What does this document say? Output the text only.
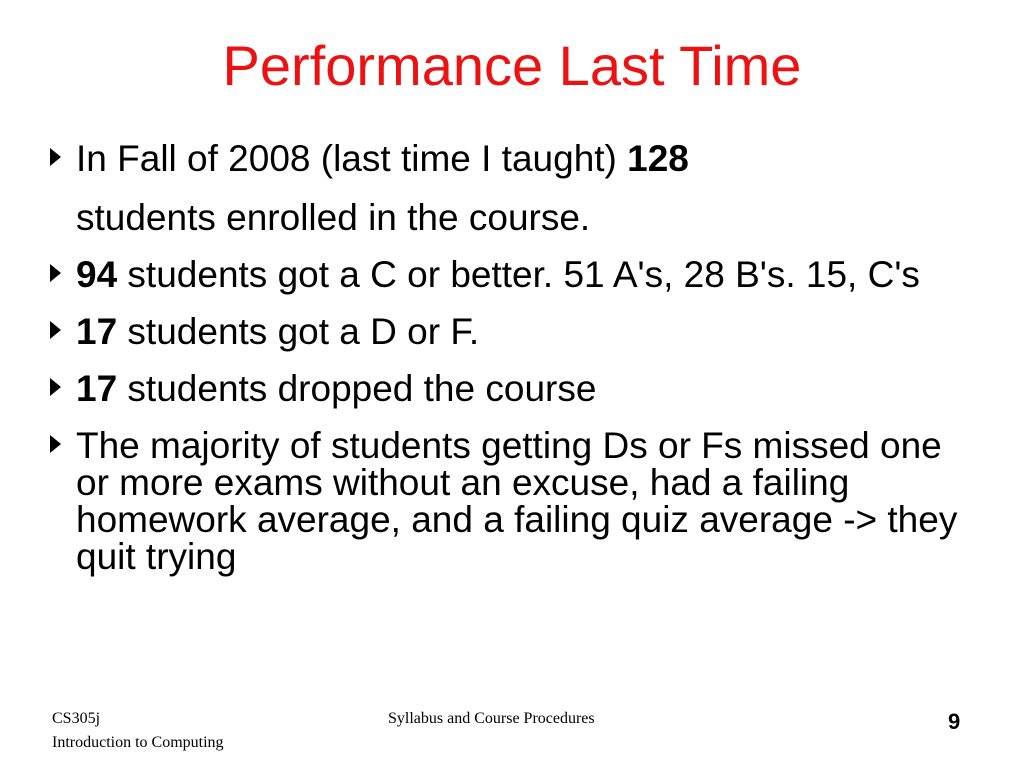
Performance Last Time
In Fall of 2008 (last time I taught) 128
students enrolled in the course.
94 students got a C or better. 51 A's, 28 B's. 15, C's
17 students got a D or F.
17 students dropped the course
The majority of students getting Ds or Fs missed one or more exams without an excuse, had a failing homework average, and a failing quiz average -> they quit trying
CS305j
Introduction to Computing
Syllabus and Course Procedures	9
